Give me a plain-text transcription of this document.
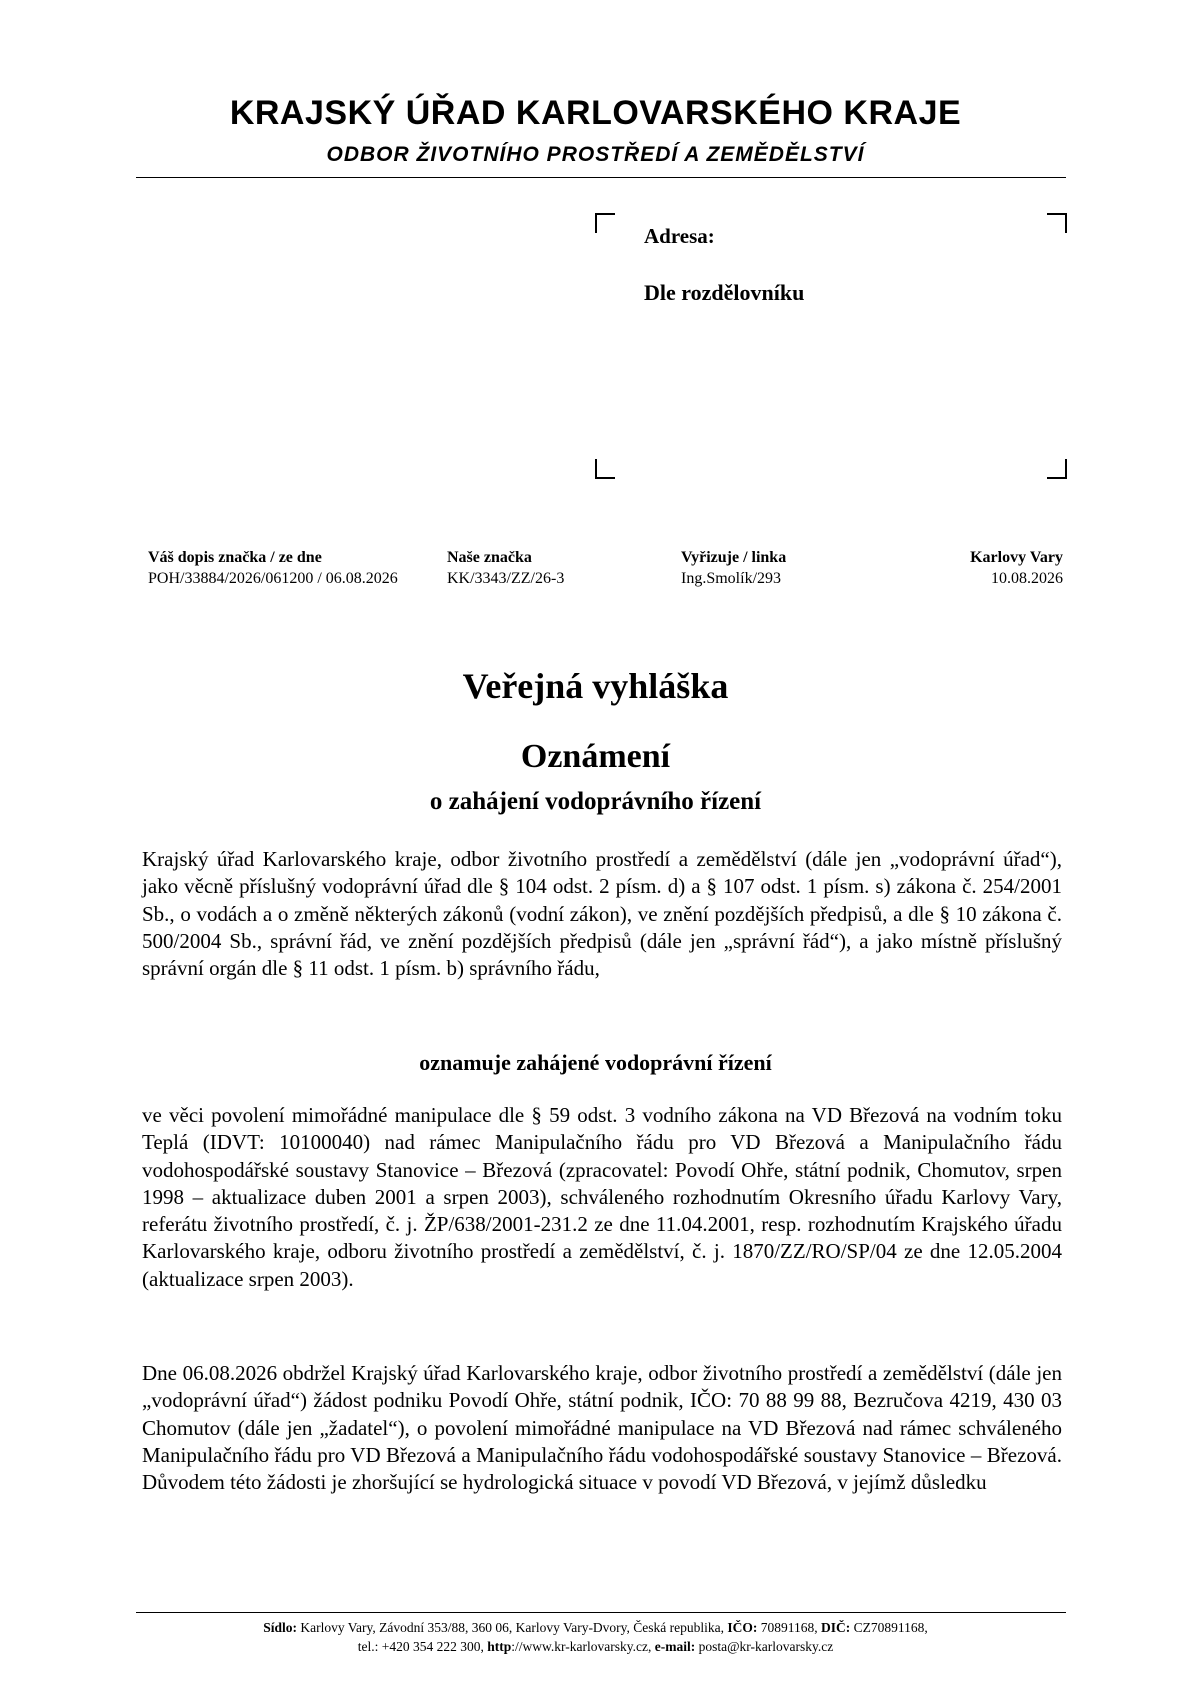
KRAJSKÝ ÚŘAD KARLOVARSKÉHO KRAJE
ODBOR ŽIVOTNÍHO PROSTŘEDÍ A ZEMĚDĚLSTVÍ
Adresa:
Dle rozdělovníku
Váš dopis značka / ze dne
POH/33884/2026/061200 / 06.08.2026
Naše značka
KK/3343/ZZ/26-3
Vyřizuje / linka
Ing.Smolík/293
Karlovy Vary
10.08.2026
Veřejná vyhláška
Oznámení
o zahájení vodoprávního řízení
Krajský úřad Karlovarského kraje, odbor životního prostředí a zemědělství (dále jen „vodoprávní úřad“), jako věcně příslušný vodoprávní úřad dle § 104 odst. 2 písm. d) a § 107 odst. 1 písm. s) zákona č. 254/2001 Sb., o vodách a o změně některých zákonů (vodní zákon), ve znění pozdějších předpisů, a dle § 10 zákona č. 500/2004 Sb., správní řád, ve znění pozdějších předpisů (dále jen „správní řád“), a jako místně příslušný správní orgán dle § 11 odst. 1 písm. b) správního řádu,
oznamuje zahájené vodoprávní řízení
ve věci povolení mimořádné manipulace dle § 59 odst. 3 vodního zákona na VD Březová na vodním toku Teplá (IDVT: 10100040) nad rámec Manipulačního řádu pro VD Březová a Manipulačního řádu vodohospodářské soustavy Stanovice – Březová (zpracovatel: Povodí Ohře, státní podnik, Chomutov, srpen 1998 – aktualizace duben 2001 a srpen 2003), schváleného rozhodnutím Okresního úřadu Karlovy Vary, referátu životního prostředí, č. j. ŽP/638/2001-231.2 ze dne 11.04.2001, resp. rozhodnutím Krajského úřadu Karlovarského kraje, odboru životního prostředí a zemědělství, č. j. 1870/ZZ/RO/SP/04 ze dne 12.05.2004 (aktualizace srpen 2003).
Dne 06.08.2026 obdržel Krajský úřad Karlovarského kraje, odbor životního prostředí a zemědělství (dále jen „vodoprávní úřad“) žádost podniku Povodí Ohře, státní podnik, IČO: 70 88 99 88, Bezručova 4219, 430 03 Chomutov (dále jen „žadatel“), o povolení mimořádné manipulace na VD Březová nad rámec schváleného Manipulačního řádu pro VD Březová a Manipulačního řádu vodohospodářské soustavy Stanovice – Březová. Důvodem této žádosti je zhoršující se hydrologická situace v povodí VD Březová, v jejímž důsledku
Sídlo: Karlovy Vary, Závodní 353/88, 360 06, Karlovy Vary-Dvory, Česká republika, IČO: 70891168, DIČ: CZ70891168,
tel.: +420 354 222 300, http://www.kr-karlovarsky.cz, e-mail: posta@kr-karlovarsky.cz
